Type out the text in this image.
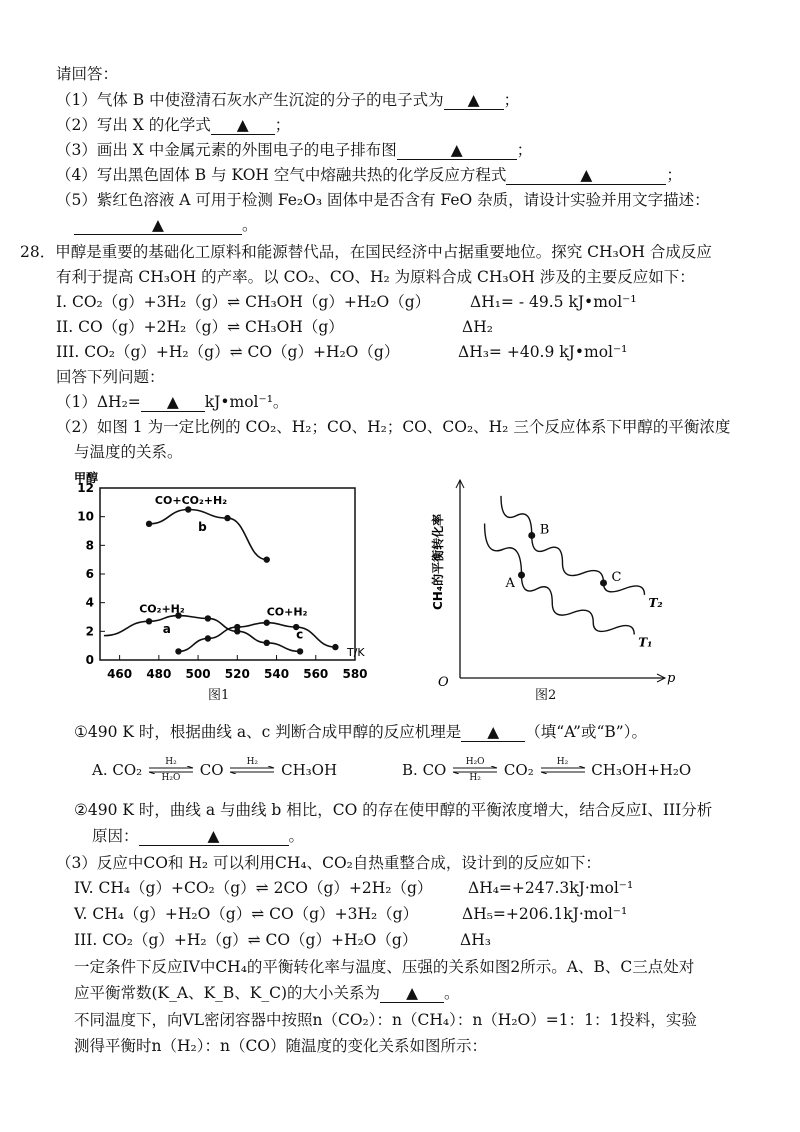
请回答：
（1）气体 B 中使澄清石灰水产生沉淀的分子的电子式为 ▲ ；
（2）写出 X 的化学式 ▲ ；
（3）画出 X 中金属元素的外围电子的电子排布图	▲	；
（4）写出黑色固体 B 与 KOH 空气中熔融共热的化学反应方程式	▲	；
（5）紫红色溶液 A 可用于检测 Fe₂O₃ 固体中是否含有 FeO 杂质，请设计实验并用文字描述：
▲	。
28．甲醇是重要的基础化工原料和能源替代品，在国民经济中占据重要地位。探究 CH₃OH 合成反应
有利于提高 CH₃OH 的产率。以 CO₂、CO、H₂ 为原料合成 CH₃OH 涉及的主要反应如下：
I. CO₂（g）+3H₂（g）⇌ CH₃OH（g）+H₂O（g）	ΔH₁= - 49.5 kJ•mol⁻¹
II. CO（g）+2H₂（g）⇌ CH₃OH（g）	ΔH₂
III. CO₂（g）+H₂（g）⇌ CO（g）+H₂O（g）	ΔH₃= +40.9 kJ•mol⁻¹
回答下列问题：
（1）ΔH₂= ▲ kJ•mol⁻¹。
（2）如图 1 为一定比例的 CO₂、H₂；CO、H₂；CO、CO₂、H₂ 三个反应体系下甲醇的平衡浓度
与温度的关系。
甲醇
0
2
4
6
8
10
12
460 480 500 520 540 560 580
T/K
CO+CO₂+H₂
b
CO₂+H₂
a
CO+H₂
c
图1
p
O
CH₄的平衡转化率	T₂
T₁
A
B
C
图2
①490 K 时，根据曲线 a、c 判断合成甲醇的反应机理是 ▲ （填“A”或“B”）。
A. CO₂	H₂
H₂O	CO	H₂	CH₃OH	B. CO	H₂O
H₂	CO₂	H₂	CH₃OH+H₂O
②490 K 时，曲线 a 与曲线 b 相比，CO 的存在使甲醇的平衡浓度增大，结合反应I、III分析
原因：	▲	。
（3）反应中CO和 H₂ 可以利用CH₄、CO₂自热重整合成，设计到的反应如下：
IV. CH₄（g）+CO₂（g）⇌ 2CO（g）+2H₂（g） ΔH₄=+247.3kJ·mol⁻¹
V. CH₄（g）+H₂O（g）⇌ CO（g）+3H₂（g）	ΔH₅=+206.1kJ·mol⁻¹
III. CO₂（g）+H₂（g）⇌ CO（g）+H₂O（g）	ΔH₃
一定条件下反应IV中CH₄的平衡转化率与温度、压强的关系如图2所示。A、B、C三点处对
应平衡常数(K_A、K_B、K_C)的大小关系为 ▲ 。
不同温度下，向VL密闭容器中按照n（CO₂）：n（CH₄）：n（H₂O）=1：1：1投料，实验
测得平衡时n（H₂）：n（CO）随温度的变化关系如图所示：
